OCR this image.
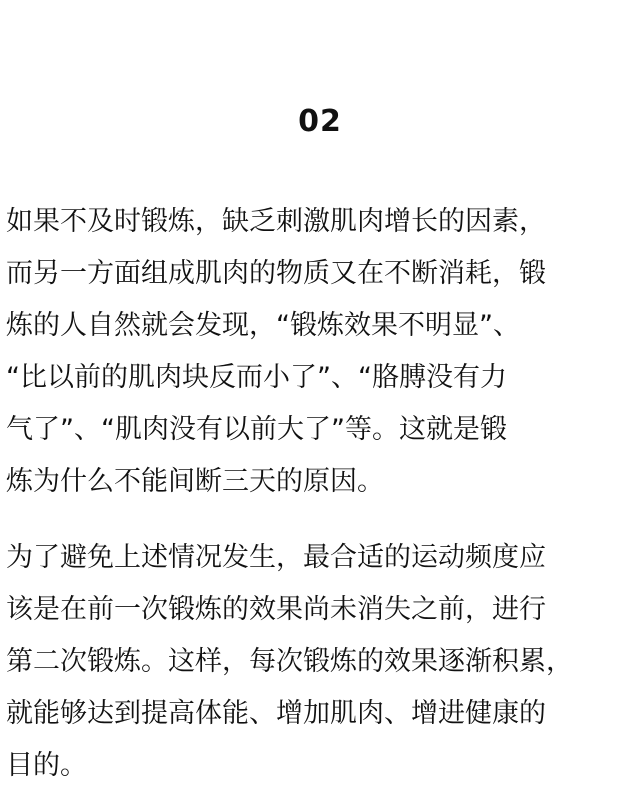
02

如果不及时锻炼，缺乏刺激肌肉增长的因素，
而另一方面组成肌肉的物质又在不断消耗，锻
炼的人自然就会发现，“锻炼效果不明显”、
“比以前的肌肉块反而小了”、“胳膊没有力
气了”、“肌肉没有以前大了”等。这就是锻
炼为什么不能间断三天的原因。

为了避免上述情况发生，最合适的运动频度应
该是在前一次锻炼的效果尚未消失之前，进行
第二次锻炼。这样，每次锻炼的效果逐渐积累，
就能够达到提高体能、增加肌肉、增进健康的
目的。
